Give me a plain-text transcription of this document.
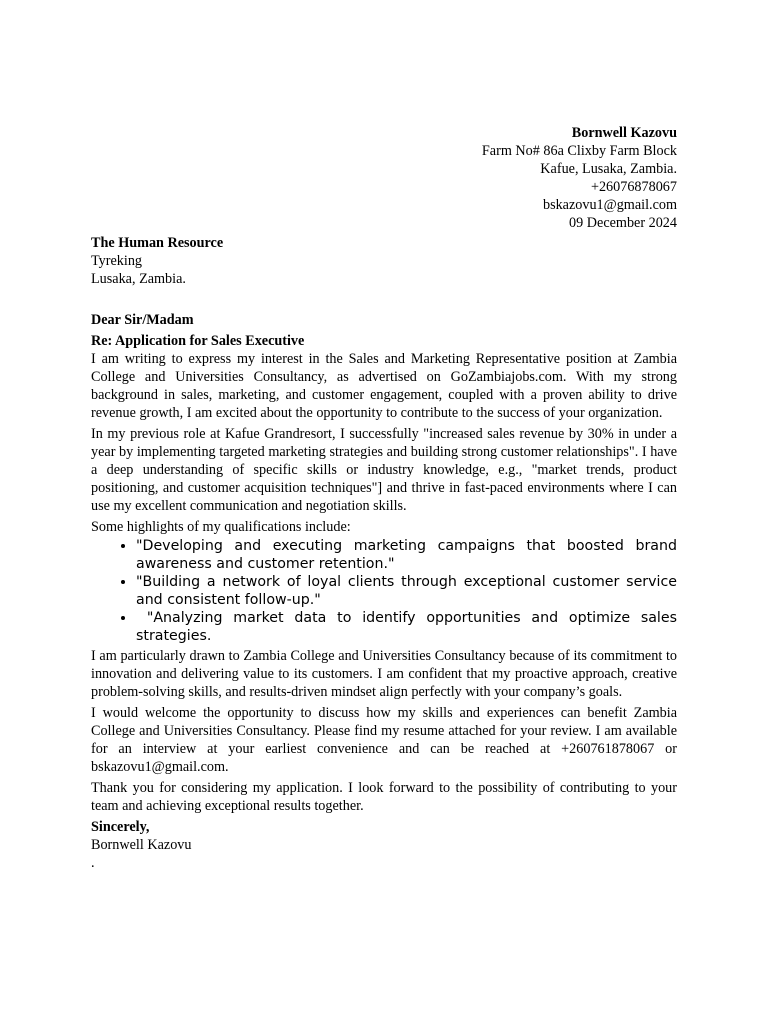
Bornwell Kazovu
Farm No# 86a Clixby Farm Block
Kafue, Lusaka, Zambia.
+26076878067
bskazovu1@gmail.com
09 December 2024
The Human Resource
Tyreking
Lusaka, Zambia.
Dear Sir/Madam
Re: Application for Sales Executive

I am writing to express my interest in the Sales and Marketing Representative position at Zambia College and Universities Consultancy, as advertised on GoZambiajobs.com. With my strong background in sales, marketing, and customer engagement, coupled with a proven ability to drive revenue growth, I am excited about the opportunity to contribute to the success of your organization.

In my previous role at Kafue Grandresort, I successfully "increased sales revenue by 30% in under a year by implementing targeted marketing strategies and building strong customer relationships". I have a deep understanding of specific skills or industry knowledge, e.g., "market trends, product positioning, and customer acquisition techniques"] and thrive in fast-paced environments where I can use my excellent communication and negotiation skills.

Some highlights of my qualifications include:

• "Developing and executing marketing campaigns that boosted brand awareness and customer retention."
• "Building a network of loyal clients through exceptional customer service and consistent follow-up."
•  "Analyzing market data to identify opportunities and optimize sales strategies.

I am particularly drawn to Zambia College and Universities Consultancy because of its commitment to innovation and delivering value to its customers. I am confident that my proactive approach, creative problem-solving skills, and results-driven mindset align perfectly with your company’s goals.

I would welcome the opportunity to discuss how my skills and experiences can benefit Zambia College and Universities Consultancy. Please find my resume attached for your review. I am available for an interview at your earliest convenience and can be reached at +260761878067 or bskazovu1@gmail.com.

Thank you for considering my application. I look forward to the possibility of contributing to your team and achieving exceptional results together.

Sincerely,
Bornwell Kazovu
.
